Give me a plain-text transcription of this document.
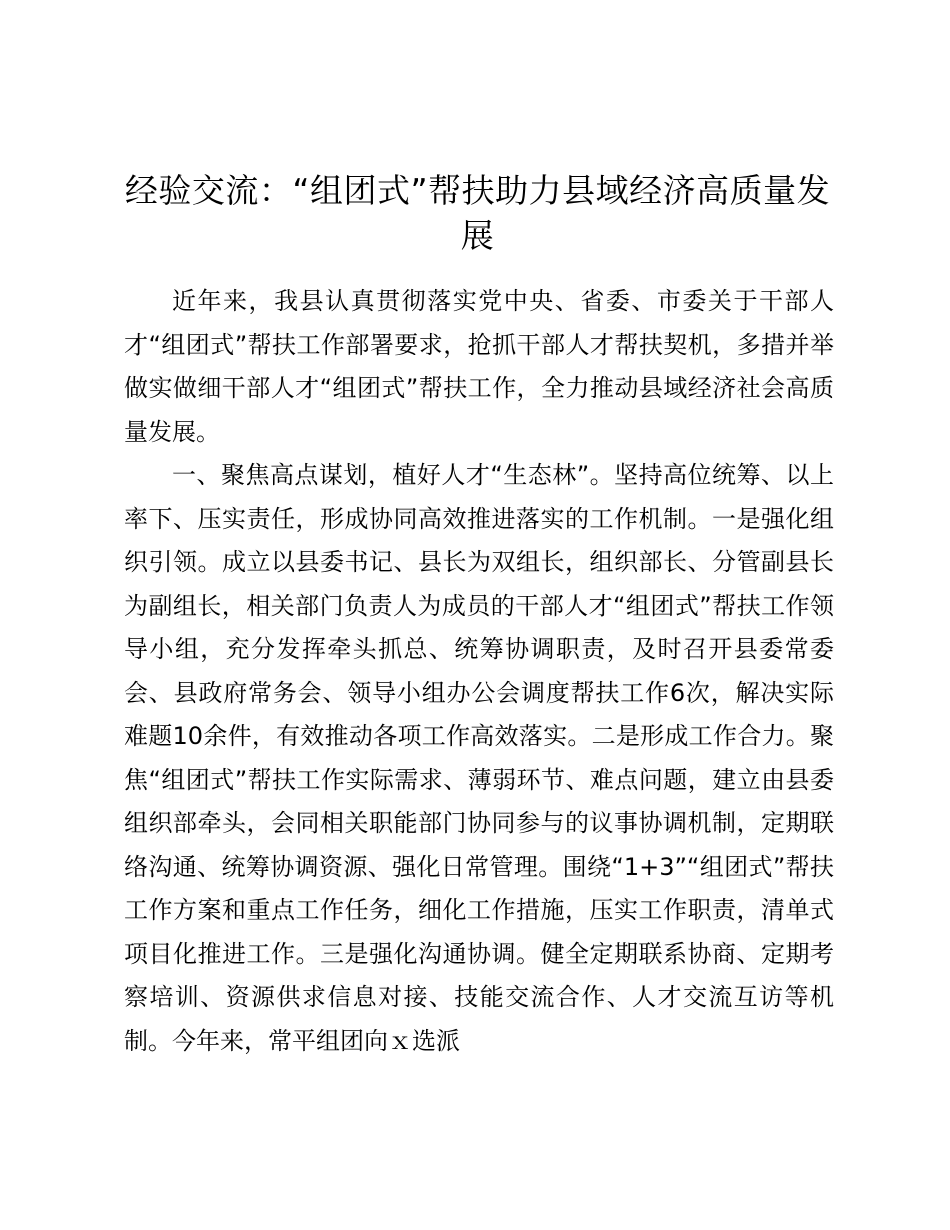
经验交流：“组团式”帮扶助力县域经济高质量发展

近年来，我县认真贯彻落实党中央、省委、市委关于干部人才“组团式”帮扶工作部署要求，抢抓干部人才帮扶契机，多措并举做实做细干部人才“组团式”帮扶工作，全力推动县域经济社会高质量发展。

一、聚焦高点谋划，植好人才“生态林”。坚持高位统筹、以上率下、压实责任，形成协同高效推进落实的工作机制。一是强化组织引领。成立以县委书记、县长为双组长，组织部长、分管副县长为副组长，相关部门负责人为成员的干部人才“组团式”帮扶工作领导小组，充分发挥牵头抓总、统筹协调职责，及时召开县委常委会、县政府常务会、领导小组办公会调度帮扶工作6次，解决实际难题10余件，有效推动各项工作高效落实。二是形成工作合力。聚焦“组团式”帮扶工作实际需求、薄弱环节、难点问题，建立由县委组织部牵头，会同相关职能部门协同参与的议事协调机制，定期联络沟通、统筹协调资源、强化日常管理。围绕“1+3”“组团式”帮扶工作方案和重点工作任务，细化工作措施，压实工作职责，清单式项目化推进工作。三是强化沟通协调。健全定期联系协商、定期考察培训、资源供求信息对接、技能交流合作、人才交流互访等机制。今年来，常平组团向ｘ选派
